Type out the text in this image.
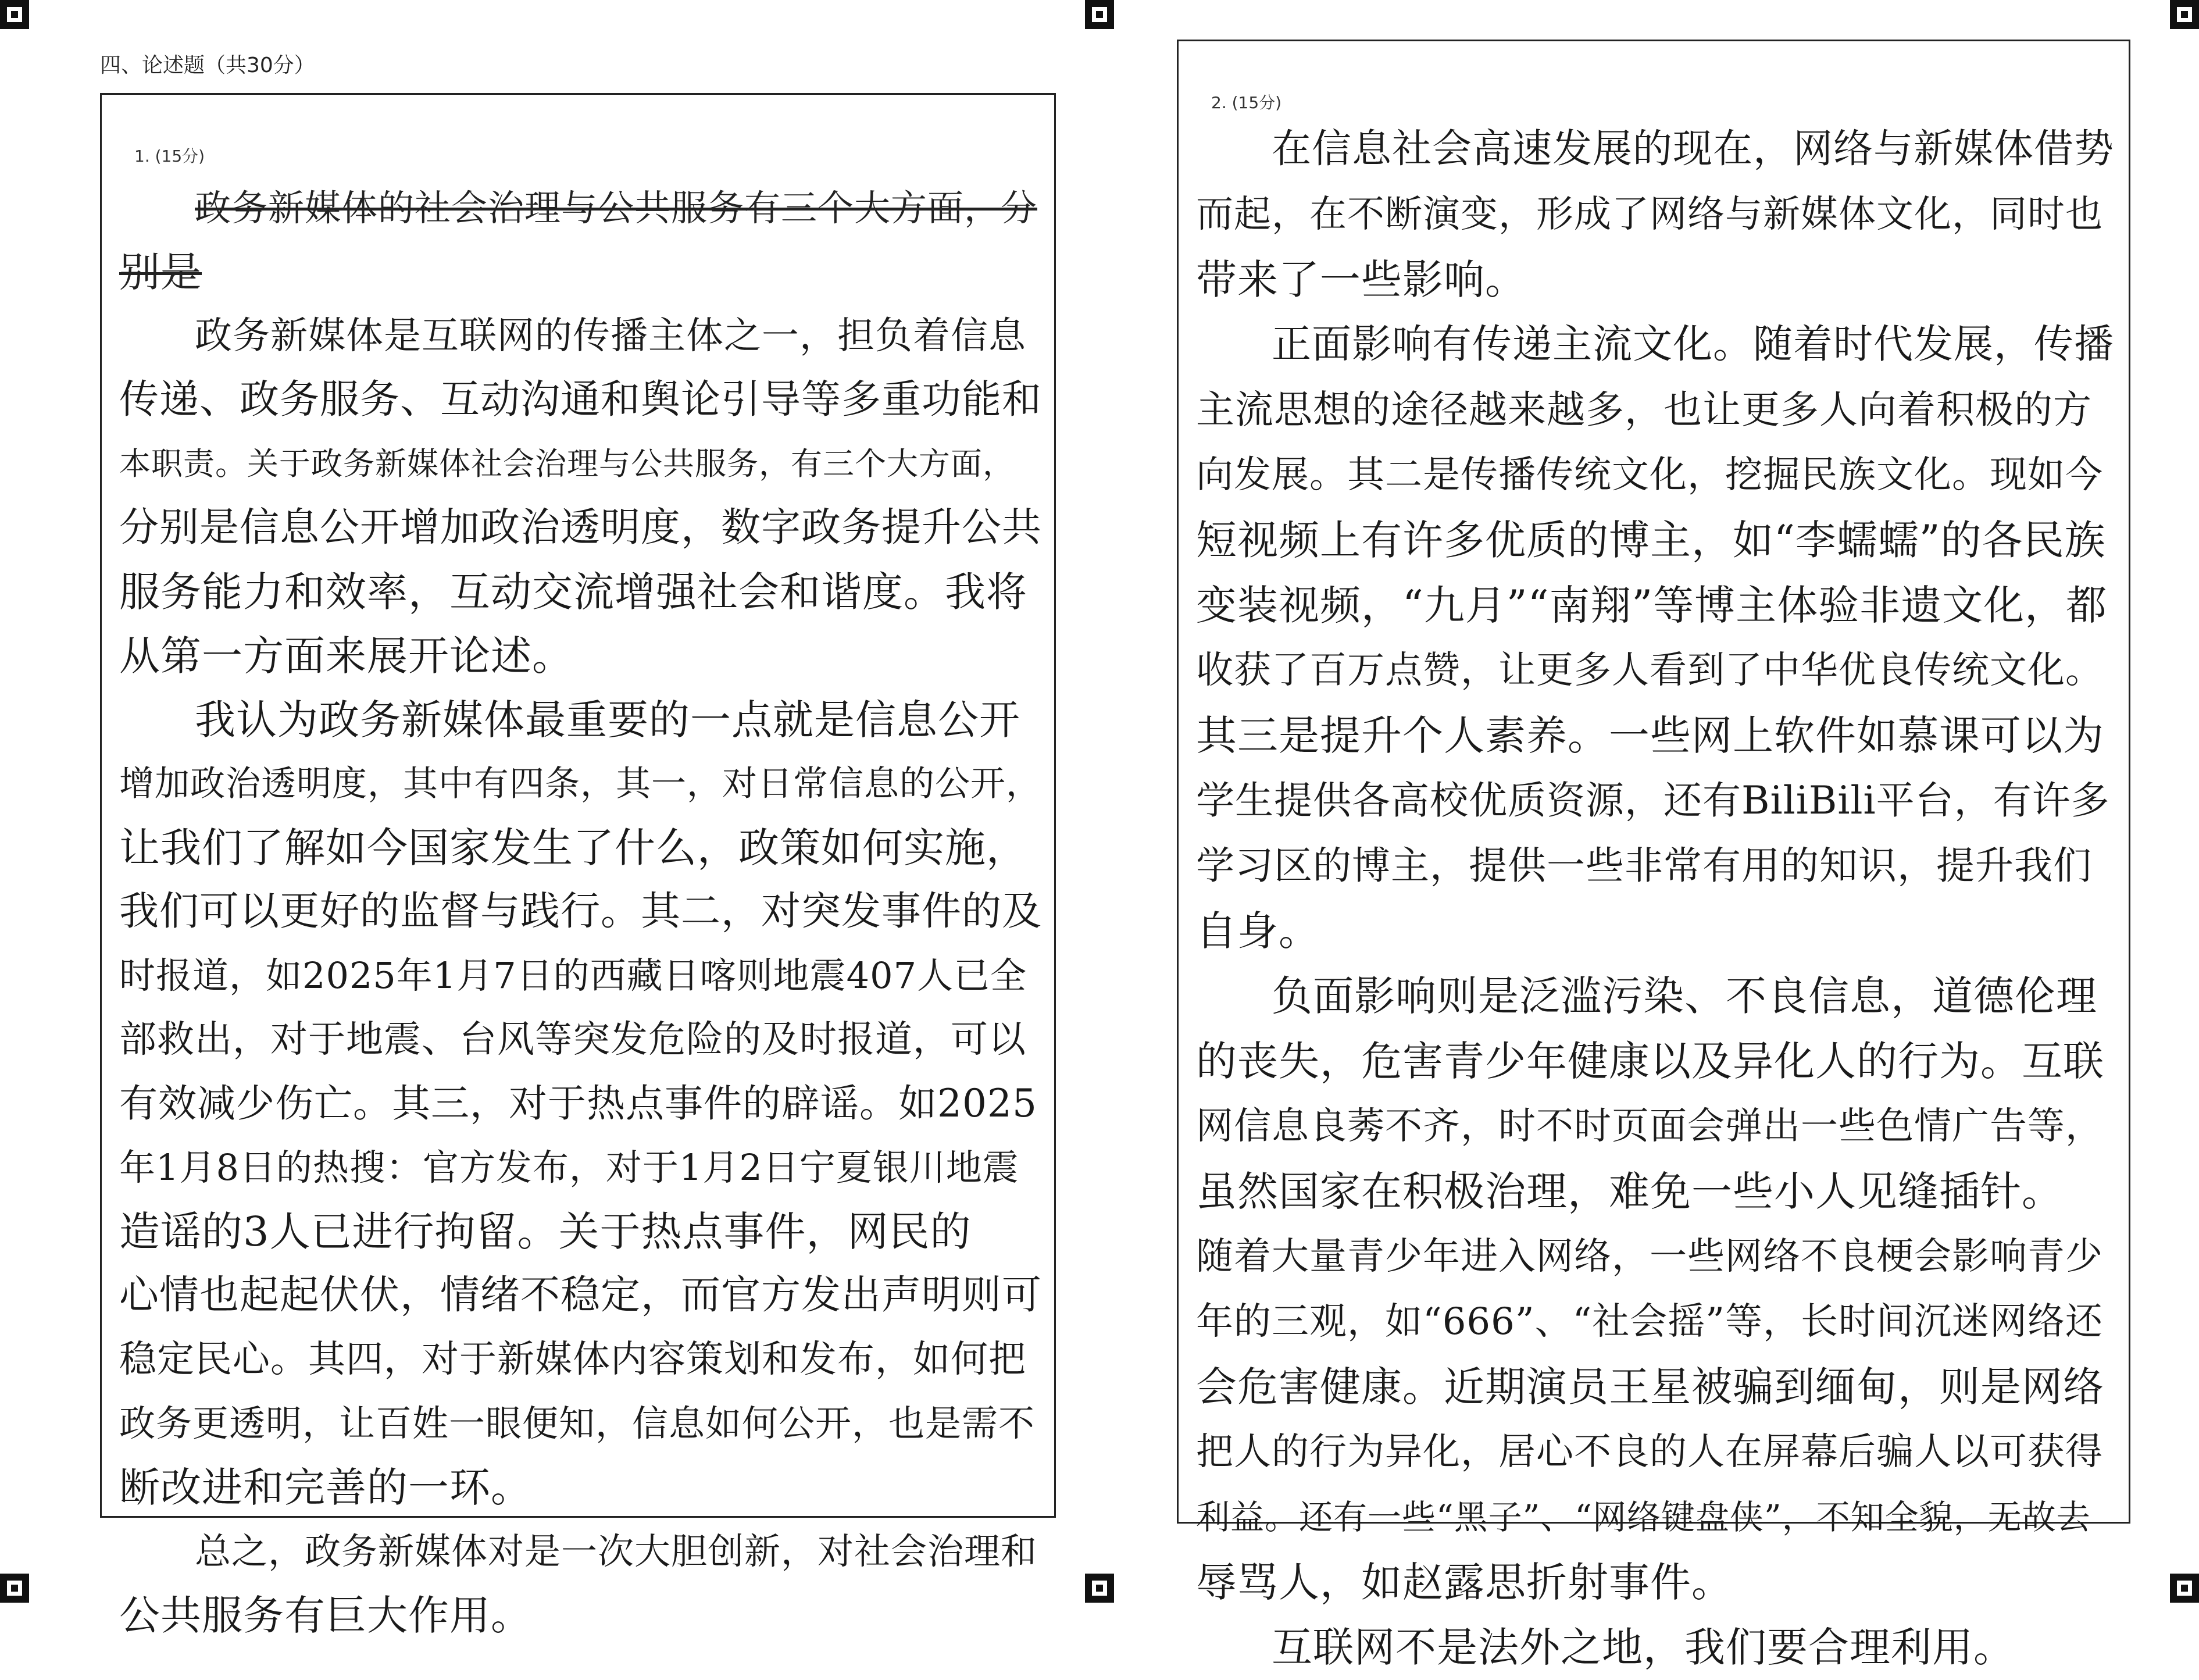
四、论述题（共30分）
1. (15分)
政务新媒体的社会治理与公共服务有三个大方面，分
别是
政务新媒体是互联网的传播主体之一，担负着信息
传递、政务服务、互动沟通和舆论引导等多重功能和
本职责。关于政务新媒体社会治理与公共服务，有三个大方面，
分别是信息公开增加政治透明度，数字政务提升公共
服务能力和效率，互动交流增强社会和谐度。我将
从第一方面来展开论述。
我认为政务新媒体最重要的一点就是信息公开
增加政治透明度，其中有四条，其一，对日常信息的公开，
让我们了解如今国家发生了什么，政策如何实施，
我们可以更好的监督与践行。其二，对突发事件的及
时报道，如2025年1月7日的西藏日喀则地震407人已全
部救出，对于地震、台风等突发危险的及时报道，可以
有效减少伤亡。其三，对于热点事件的辟谣。如2025
年1月8日的热搜：官方发布，对于1月2日宁夏银川地震
造谣的3人已进行拘留。关于热点事件，网民的
心情也起起伏伏，情绪不稳定，而官方发出声明则可
稳定民心。其四，对于新媒体内容策划和发布，如何把
政务更透明，让百姓一眼便知，信息如何公开，也是需不
断改进和完善的一环。
总之，政务新媒体对是一次大胆创新，对社会治理和
公共服务有巨大作用。
2. (15分)
在信息社会高速发展的现在，网络与新媒体借势
而起，在不断演变，形成了网络与新媒体文化，同时也
带来了一些影响。
正面影响有传递主流文化。随着时代发展，传播
主流思想的途径越来越多，也让更多人向着积极的方
向发展。其二是传播传统文化，挖掘民族文化。现如今
短视频上有许多优质的博主，如“李蠕蠕”的各民族
变装视频，“九月”“南翔”等博主体验非遗文化，都
收获了百万点赞，让更多人看到了中华优良传统文化。
其三是提升个人素养。一些网上软件如慕课可以为
学生提供各高校优质资源，还有BiliBili平台，有许多
学习区的博主，提供一些非常有用的知识，提升我们
自身。
负面影响则是泛滥污染、不良信息，道德伦理
的丧失，危害青少年健康以及异化人的行为。互联
网信息良莠不齐，时不时页面会弹出一些色情广告等，
虽然国家在积极治理，难免一些小人见缝插针。
随着大量青少年进入网络，一些网络不良梗会影响青少
年的三观，如“666”、“社会摇”等，长时间沉迷网络还
会危害健康。近期演员王星被骗到缅甸，则是网络
把人的行为异化，居心不良的人在屏幕后骗人以可获得
利益。还有一些“黑子”、“网络键盘侠”，不知全貌，无故去
辱骂人，如赵露思折射事件。
互联网不是法外之地，我们要合理利用。
